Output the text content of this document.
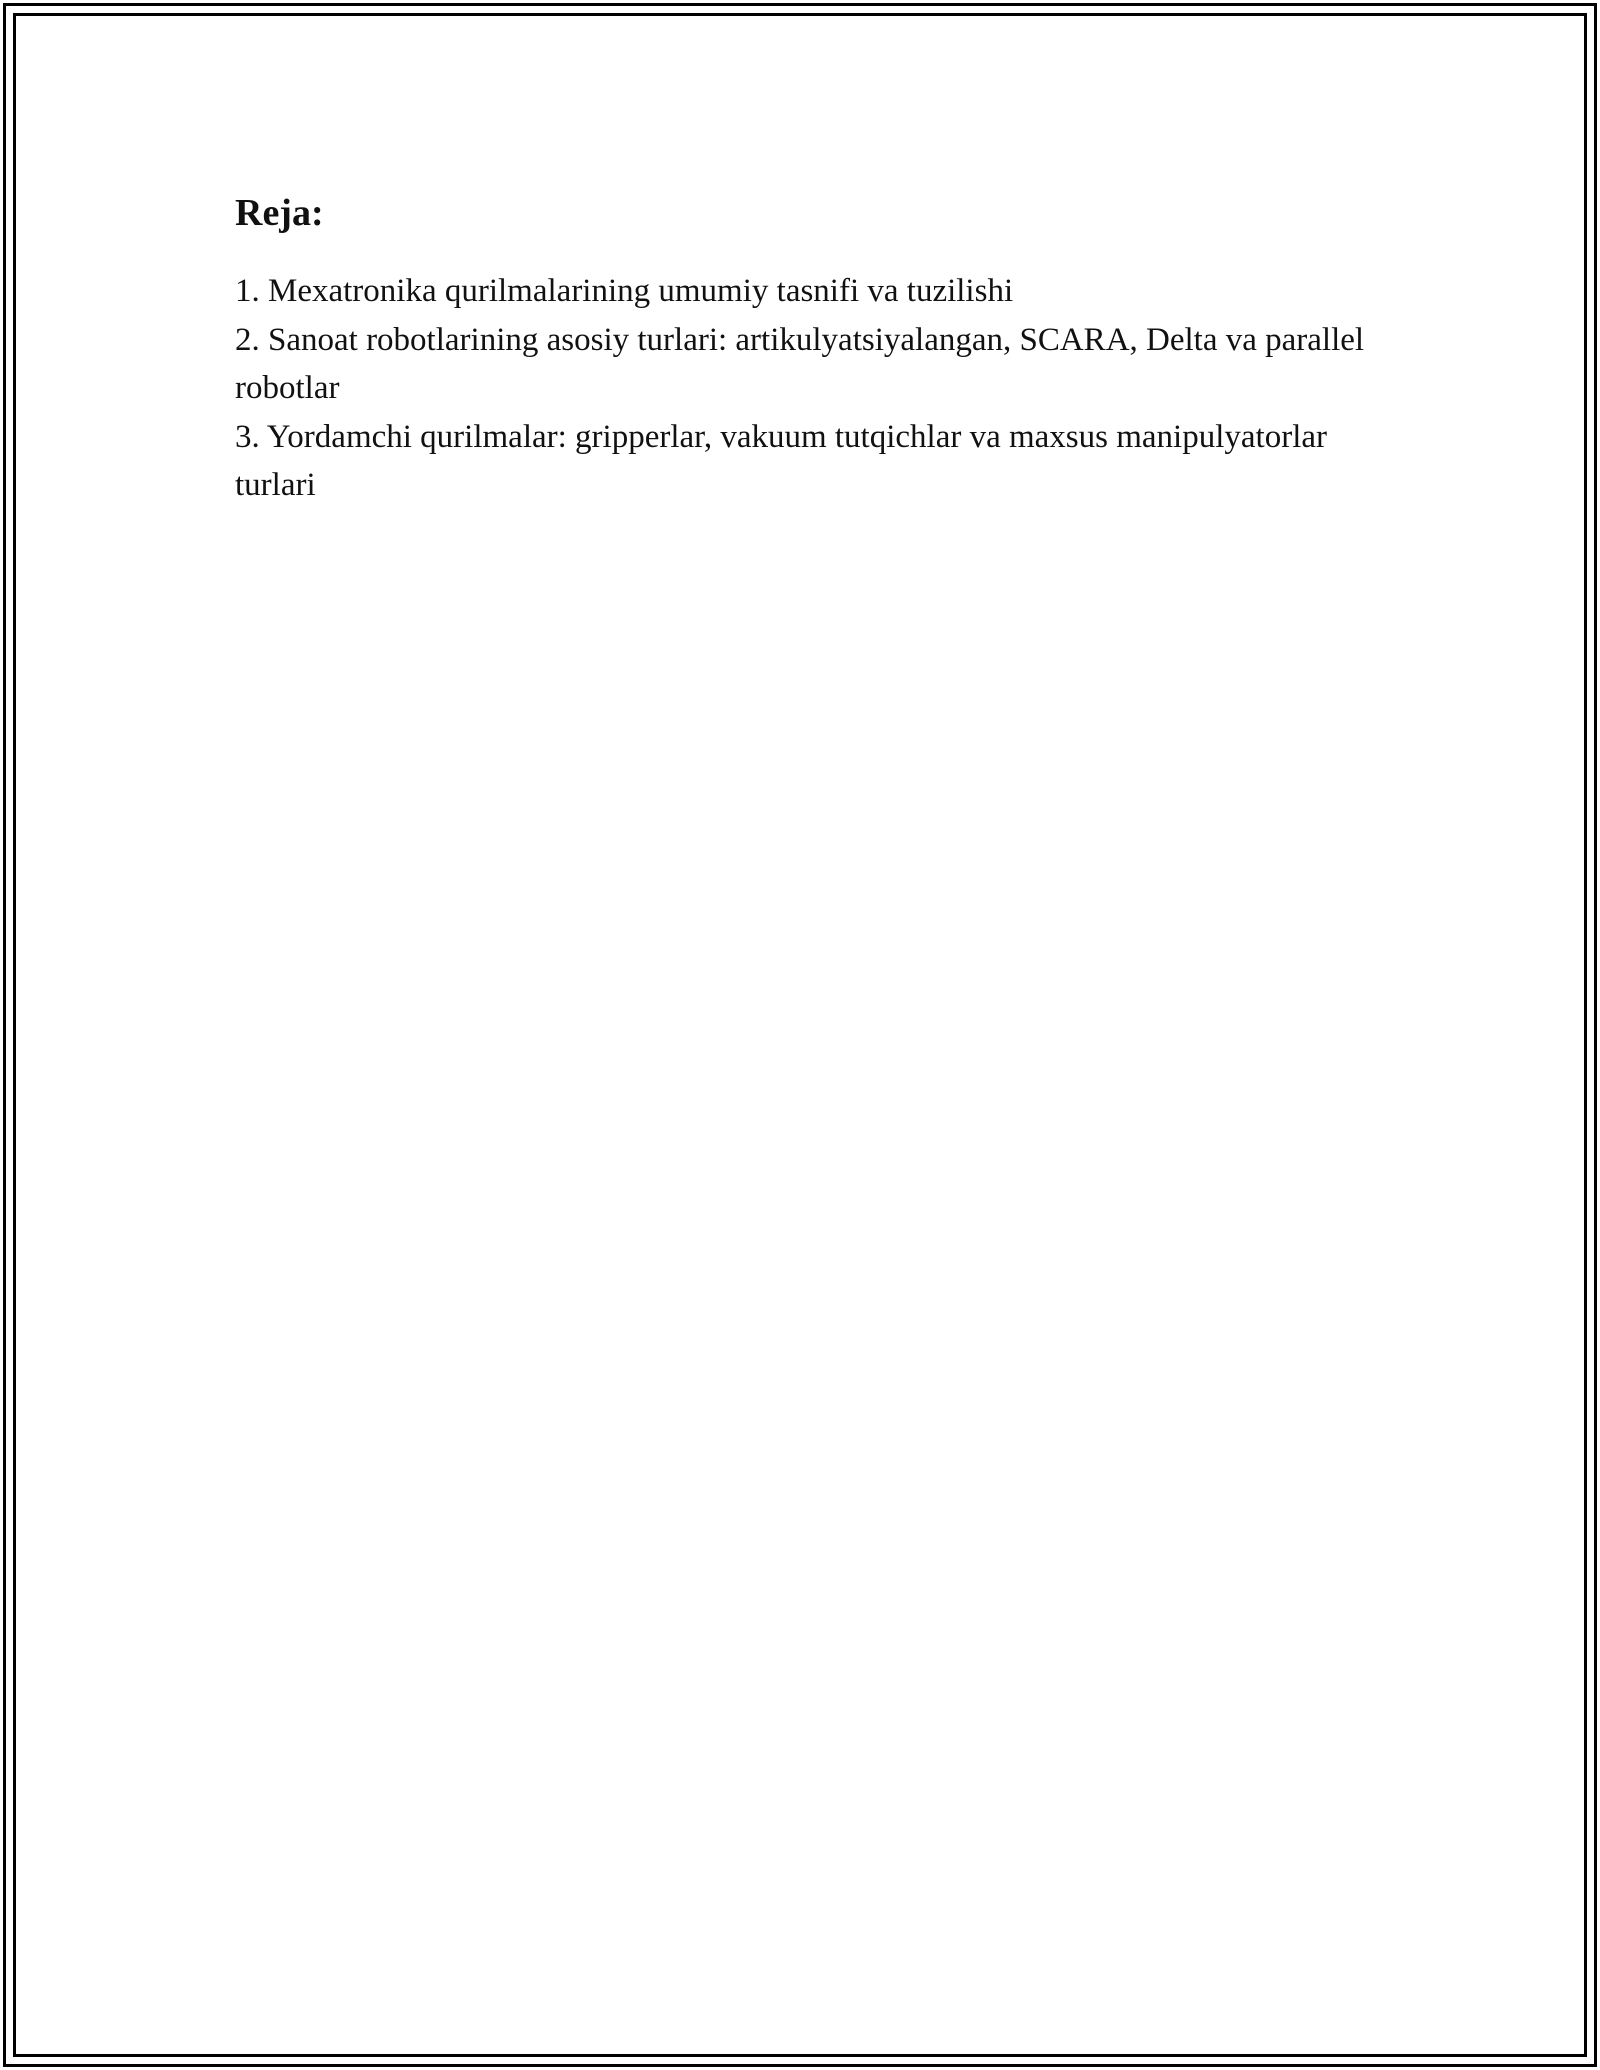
Reja:
1. Mexatronika qurilmalarining umumiy tasnifi va tuzilishi
2. Sanoat robotlarining asosiy turlari: artikulyatsiyalangan, SCARA, Delta va parallel robotlar
3. Yordamchi qurilmalar: gripperlar, vakuum tutqichlar va maxsus manipulyatorlar turlari
